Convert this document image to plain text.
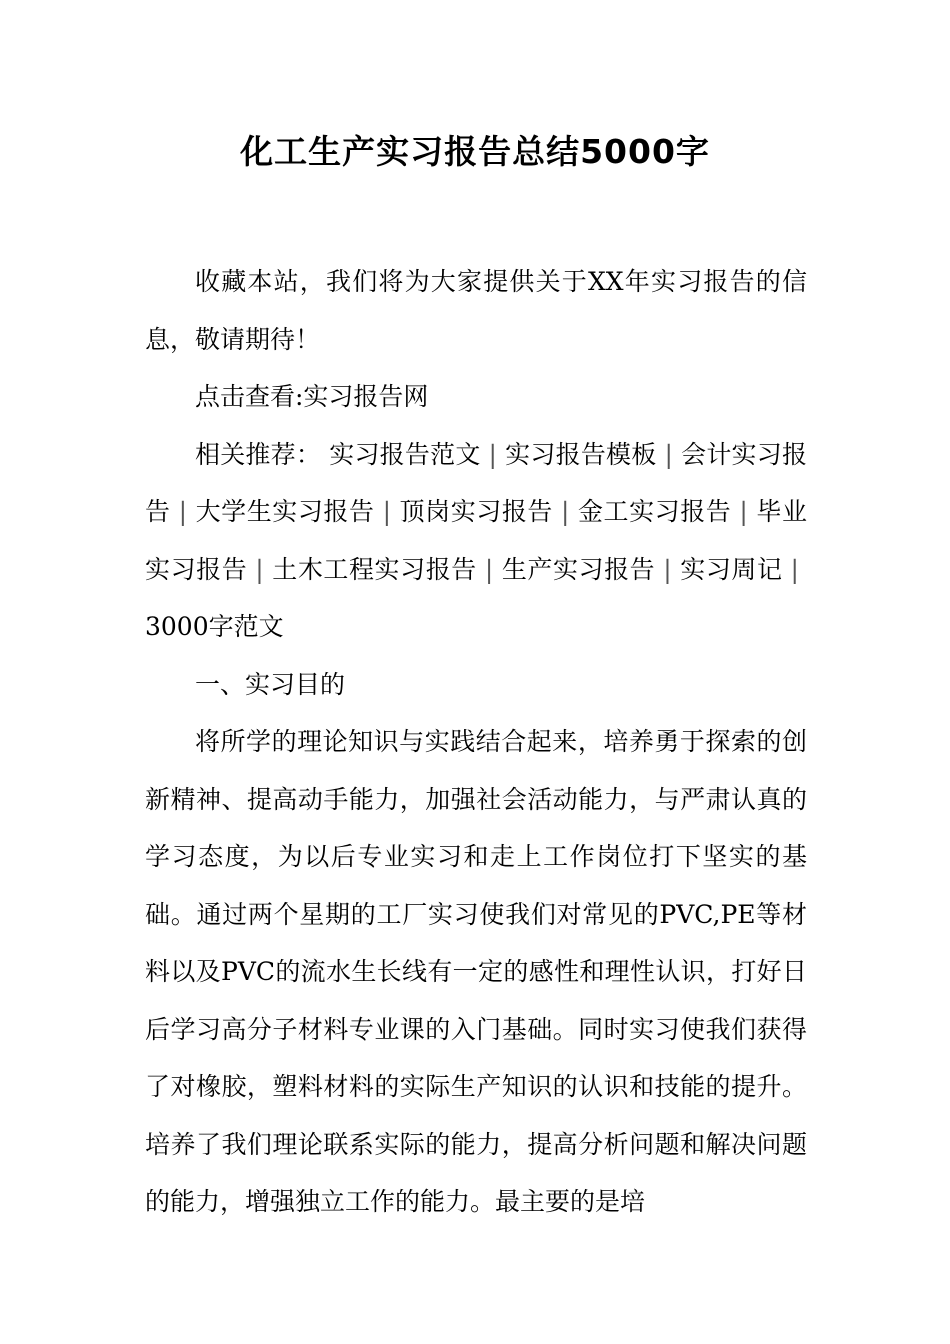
化工生产实习报告总结5000字

收藏本站，我们将为大家提供关于XX年实习报告的信息，敬请期待！

点击查看:实习报告网

相关推荐： 实习报告范文 | 实习报告模板 | 会计实习报告 | 大学生实习报告 | 顶岗实习报告 | 金工实习报告 | 毕业实习报告 | 土木工程实习报告 | 生产实习报告 | 实习周记 |3000字范文

一、实习目的

将所学的理论知识与实践结合起来，培养勇于探索的创新精神、提高动手能力，加强社会活动能力，与严肃认真的学习态度，为以后专业实习和走上工作岗位打下坚实的基础。通过两个星期的工厂实习使我们对常见的PVC,PE等材料以及PVC的流水生长线有一定的感性和理性认识，打好日后学习高分子材料专业课的入门基础。同时实习使我们获得了对橡胶，塑料材料的实际生产知识的认识和技能的提升。培养了我们理论联系实际的能力，提高分析问题和解决问题的能力，增强独立工作的能力。最主要的是培
